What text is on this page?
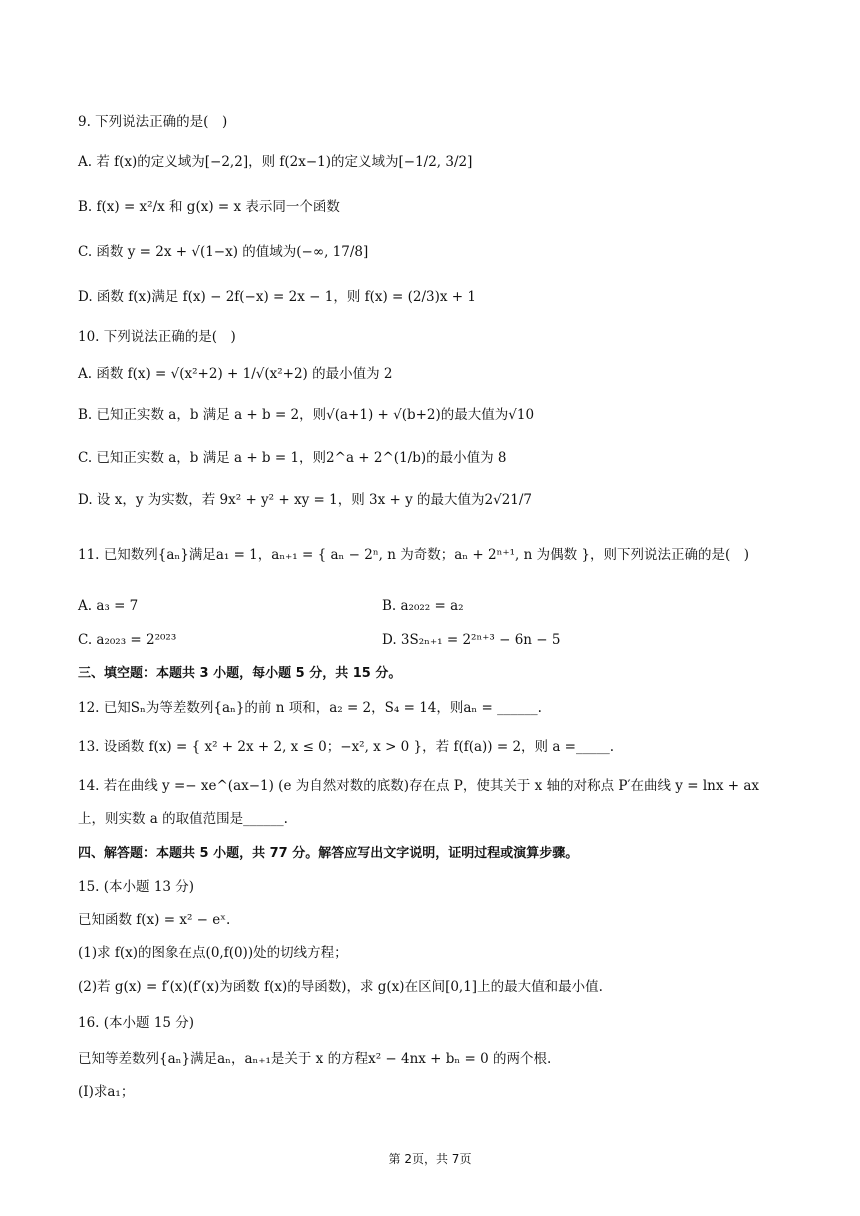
9. 下列说法正确的是(　)
A. 若 f(x)的定义域为[−2,2]，则 f(2x−1)的定义域为[−1/2, 3/2]
B. f(x) = x²/x 和 g(x) = x 表示同一个函数
C. 函数 y = 2x + √(1−x) 的值域为(−∞, 17/8]
D. 函数 f(x)满足 f(x) − 2f(−x) = 2x − 1，则 f(x) = (2/3)x + 1
10. 下列说法正确的是(　)
A. 函数 f(x) = √(x²+2) + 1/√(x²+2) 的最小值为 2
B. 已知正实数 a，b 满足 a + b = 2，则√(a+1) + √(b+2)的最大值为√10
C. 已知正实数 a，b 满足 a + b = 1，则2^a + 2^(1/b)的最小值为 8
D. 设 x，y 为实数，若 9x² + y² + xy = 1，则 3x + y 的最大值为2√21/7
11. 已知数列{aₙ}满足a₁ = 1，aₙ₊₁ = { aₙ − 2ⁿ, n 为奇数；aₙ + 2ⁿ⁺¹, n 为偶数 }，则下列说法正确的是(　)
A. a₃ = 7	B. a₂₀₂₂ = a₂
C. a₂₀₂₃ = 2²⁰²³	D. 3S₂ₙ₊₁ = 2²ⁿ⁺³ − 6n − 5
三、填空题：本题共 3 小题，每小题 5 分，共 15 分。
12. 已知Sₙ为等差数列{aₙ}的前 n 项和，a₂ = 2，S₄ = 14，则aₙ = ______.
13. 设函数 f(x) = { x² + 2x + 2, x ≤ 0；−x², x > 0 }，若 f(f(a)) = 2，则 a =_____.
14. 若在曲线 y =− xe^(ax−1) (e 为自然对数的底数)存在点 P，使其关于 x 轴的对称点 P′在曲线 y = lnx + ax
上，则实数 a 的取值范围是______.
四、解答题：本题共 5 小题，共 77 分。解答应写出文字说明，证明过程或演算步骤。
15. (本小题 13 分)
已知函数 f(x) = x² − eˣ.
(1)求 f(x)的图象在点(0,f(0))处的切线方程；
(2)若 g(x) = f′(x)(f′(x)为函数 f(x)的导函数)，求 g(x)在区间[0,1]上的最大值和最小值.
16. (本小题 15 分)
已知等差数列{aₙ}满足aₙ，aₙ₊₁是关于 x 的方程x² − 4nx + bₙ = 0 的两个根.
(Ⅰ)求a₁；
第 2页，共 7页
